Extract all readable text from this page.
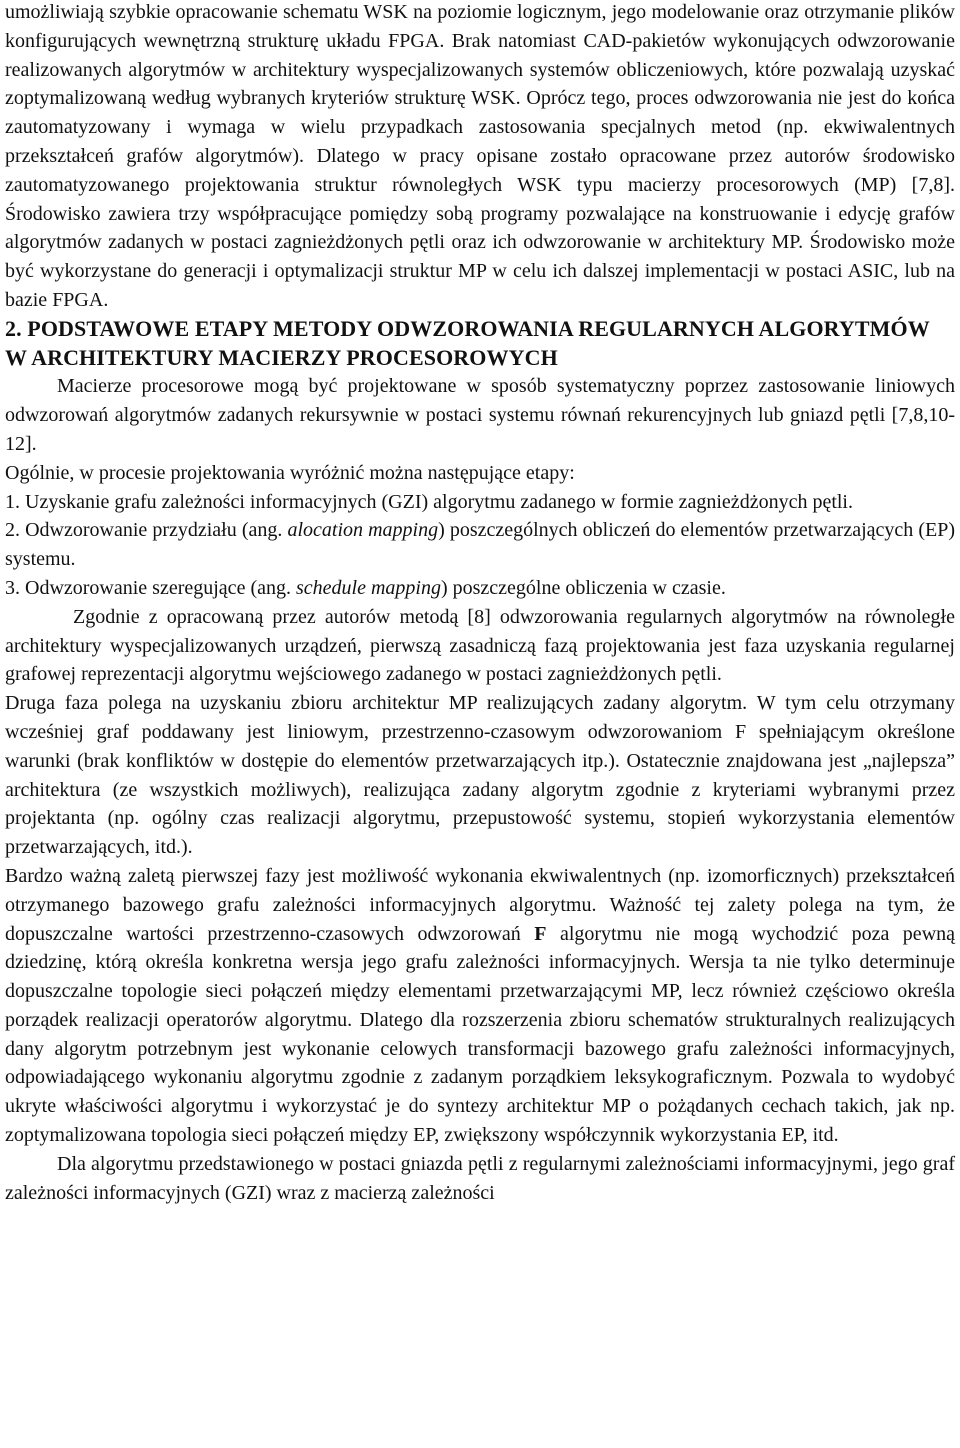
umożliwiają szybkie opracowanie schematu WSK na poziomie logicznym, jego modelowanie oraz otrzymanie plików konfigurujących wewnętrzną strukturę układu FPGA. Brak natomiast CAD-pakietów wykonujących odwzorowanie realizowanych algorytmów w architektury wyspecjalizowanych systemów obliczeniowych, które pozwalają uzyskać zoptymalizowaną według wybranych kryteriów strukturę WSK. Oprócz tego, proces odwzorowania nie jest do końca zautomatyzowany i wymaga w wielu przypadkach zastosowania specjalnych metod (np. ekwiwalentnych przekształceń grafów algorytmów). Dlatego w pracy opisane zostało opracowane przez autorów środowisko zautomatyzowanego projektowania struktur równoległych WSK typu macierzy procesorowych (MP) [7,8]. Środowisko zawiera trzy współpracujące pomiędzy sobą programy pozwalające na konstruowanie i edycję grafów algorytmów zadanych w postaci zagnieżdżonych pętli oraz ich odwzorowanie w architektury MP. Środowisko może być wykorzystane do generacji i optymalizacji struktur MP w celu ich dalszej implementacji w postaci ASIC, lub na bazie FPGA.

2. PODSTAWOWE ETAPY METODY ODWZOROWANIA REGULARNYCH ALGORYTMÓW W ARCHITEKTURY MACIERZY PROCESOROWYCH

Macierze procesorowe mogą być projektowane w sposób systematyczny poprzez zastosowanie liniowych odwzorowań algorytmów zadanych rekursywnie w postaci systemu równań rekurencyjnych lub gniazd pętli [7,8,10-12].

Ogólnie, w procesie projektowania wyróżnić można następujące etapy:

1. Uzyskanie grafu zależności informacyjnych (GZI) algorytmu zadanego w formie zagnieżdżonych pętli.

2. Odwzorowanie przydziału (ang. alocation mapping) poszczególnych obliczeń do elementów przetwarzających (EP) systemu.

3. Odwzorowanie szeregujące (ang. schedule mapping) poszczególne obliczenia w czasie.

Zgodnie z opracowaną przez autorów metodą [8] odwzorowania regularnych algorytmów na równoległe architektury wyspecjalizowanych urządzeń, pierwszą zasadniczą fazą projektowania jest faza uzyskania regularnej grafowej reprezentacji algorytmu wejściowego zadanego w postaci zagnieżdżonych pętli.

Druga faza polega na uzyskaniu zbioru architektur MP realizujących zadany algorytm. W tym celu otrzymany wcześniej graf poddawany jest liniowym, przestrzenno-czasowym odwzorowaniom F spełniającym określone warunki (brak konfliktów w dostępie do elementów przetwarzających itp.). Ostatecznie znajdowana jest „najlepsza” architektura (ze wszystkich możliwych), realizująca zadany algorytm zgodnie z kryteriami wybranymi przez projektanta (np. ogólny czas realizacji algorytmu, przepustowość systemu, stopień wykorzystania elementów przetwarzających, itd.).

Bardzo ważną zaletą pierwszej fazy jest możliwość wykonania ekwiwalentnych (np. izomorficznych) przekształceń otrzymanego bazowego grafu zależności informacyjnych algorytmu. Ważność tej zalety polega na tym, że dopuszczalne wartości przestrzenno-czasowych odwzorowań F algorytmu nie mogą wychodzić poza pewną dziedzinę, którą określa konkretna wersja jego grafu zależności informacyjnych. Wersja ta nie tylko determinuje dopuszczalne topologie sieci połączeń między elementami przetwarzającymi MP, lecz również częściowo określa porządek realizacji operatorów algorytmu. Dlatego dla rozszerzenia zbioru schematów strukturalnych realizujących dany algorytm potrzebnym jest wykonanie celowych transformacji bazowego grafu zależności informacyjnych, odpowiadającego wykonaniu algorytmu zgodnie z zadanym porządkiem leksykograficznym. Pozwala to wydobyć ukryte właściwości algorytmu i wykorzystać je do syntezy architektur MP o pożądanych cechach takich, jak np. zoptymalizowana topologia sieci połączeń między EP, zwiększony współczynnik wykorzystania EP, itd.

Dla algorytmu przedstawionego w postaci gniazda pętli z regularnymi zależnościami informacyjnymi, jego graf zależności informacyjnych (GZI) wraz z macierzą zależności
